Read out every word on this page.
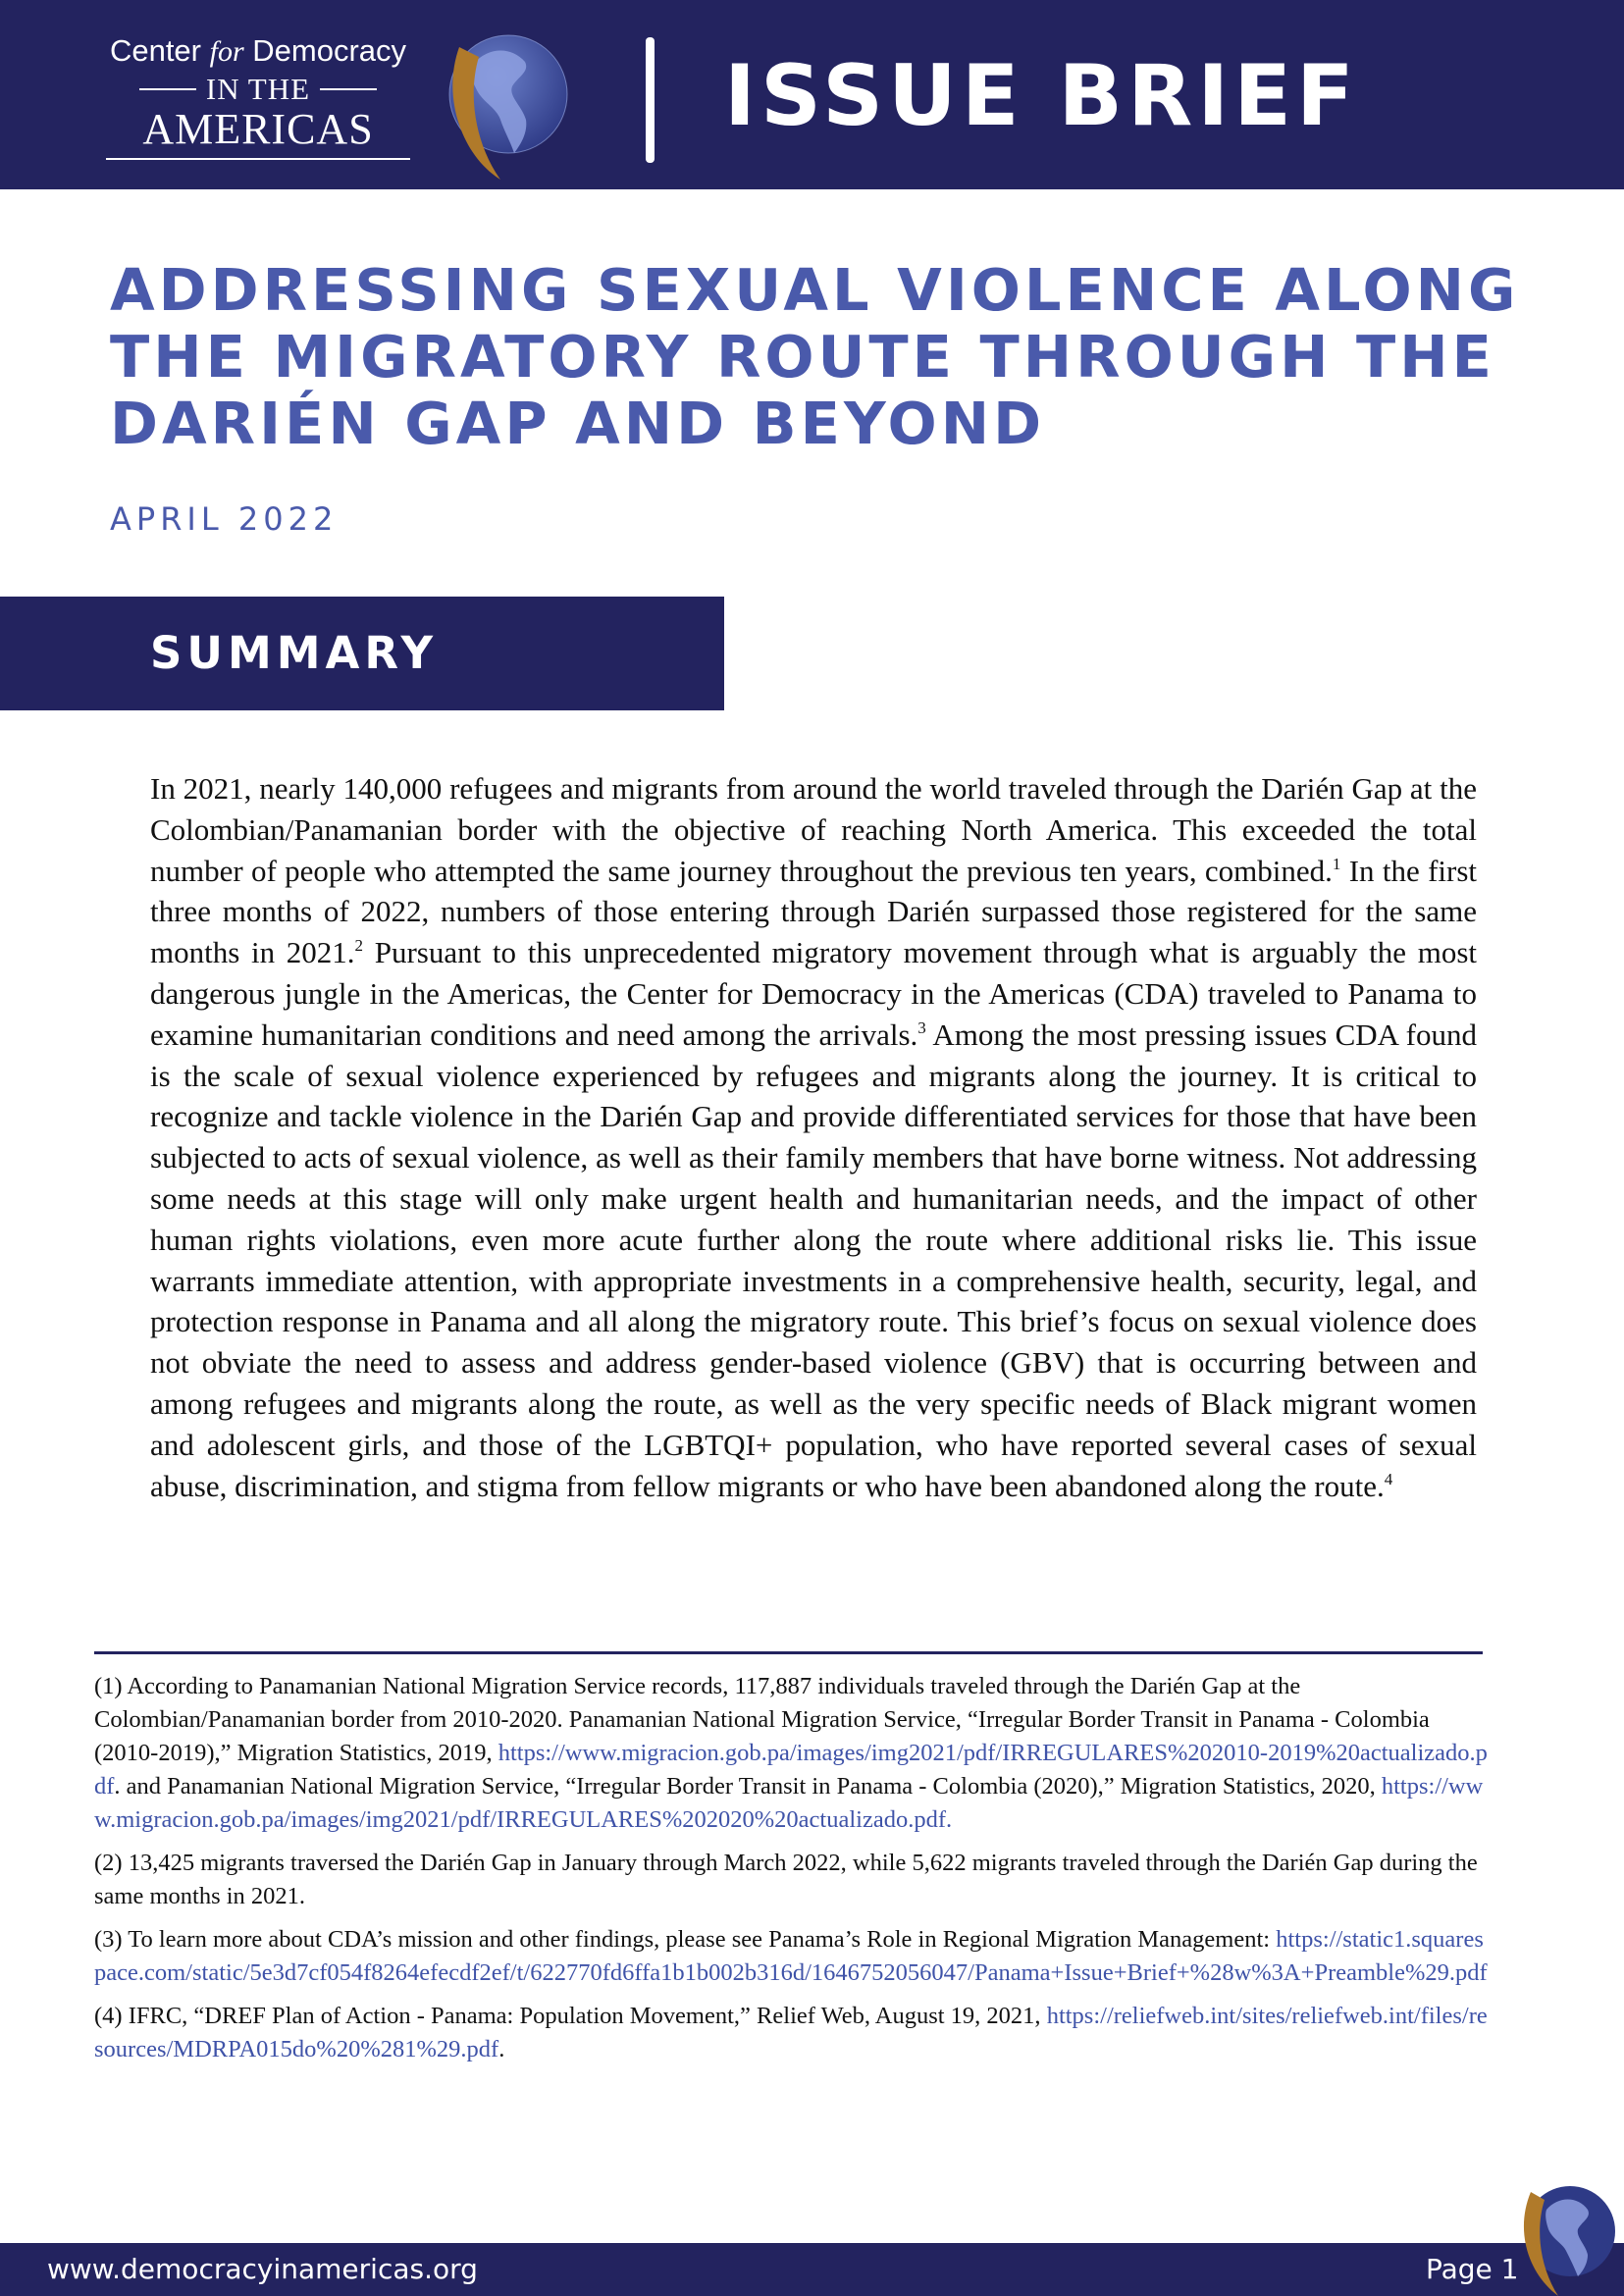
Center for Democracy
IN THE
AMERICAS	ISSUE BRIEF
ADDRESSING SEXUAL VIOLENCE ALONG
THE MIGRATORY ROUTE THROUGH THE
DARIÉN GAP AND BEYOND
APRIL 2022
SUMMARY
In 2021, nearly 140,000 refugees and migrants from around the world traveled through the Darién Gap at the Colombian/Panamanian border with the objective of reaching North America. This exceeded the total number of people who attempted the same journey throughout the previous ten years, combined.$^1$ In the first three months of 2022, numbers of those entering through Darién surpassed those registered for the same months in 2021.$^2$ Pursuant to this unprecedented migratory movement through what is arguably the most dangerous jungle in the Americas, the Center for Democracy in the Americas (CDA) traveled to Panama to examine humanitarian conditions and need among the arrivals.$^3$ Among the most pressing issues CDA found is the scale of sexual violence experienced by refugees and migrants along the journey. It is critical to recognize and tackle violence in the Darién Gap and provide differentiated services for those that have been subjected to acts of sexual violence, as well as their family members that have borne witness. Not addressing some needs at this stage will only make urgent health and humanitarian needs, and the impact of other human rights violations, even more acute further along the route where additional risks lie. This issue warrants immediate attention, with appropriate investments in a comprehensive health, security, legal, and protection response in Panama and all along the migratory route. This brief’s focus on sexual violence does not obviate the need to assess and address gender-based violence (GBV) that is occurring between and among refugees and migrants along the route, as well as the very specific needs of Black migrant women and adolescent girls, and those of the LGBTQI+ population, who have reported several cases of sexual abuse, discrimination, and stigma from fellow migrants or who have been abandoned along the route.$^4$
(1) According to Panamanian National Migration Service records, 117,887 individuals traveled through the Darién Gap at the Colombian/Panamanian border from 2010-2020. Panamanian National Migration Service, “Irregular Border Transit in Panama - Colombia (2010-2019),” Migration Statistics, 2019, https://www.migracion.gob.pa/images/img2021/pdf/IRREGULARES%202010-2019%20actualizado.pdf. and Panamanian National Migration Service, “Irregular Border Transit in Panama - Colombia (2020),” Migration Statistics, 2020, https://www.migracion.gob.pa/images/img2021/pdf/IRREGULARES%202020%20actualizado.pdf.
(2) 13,425 migrants traversed the Darién Gap in January through March 2022, while 5,622 migrants traveled through the Darién Gap during the same months in 2021.
(3) To learn more about CDA’s mission and other findings, please see Panama’s Role in Regional Migration Management: https://static1.squarespace.com/static/5e3d7cf054f8264efecdf2ef/t/622770fd6ffa1b1b002b316d/1646752056047/Panama+Issue+Brief+%28w%3A+Preamble%29.pdf
(4) IFRC, “DREF Plan of Action - Panama: Population Movement,” Relief Web, August 19, 2021, https://reliefweb.int/sites/reliefweb.int/files/resources/MDRPA015do%20%281%29.pdf.
www.democracyinamericas.org	Page 1
